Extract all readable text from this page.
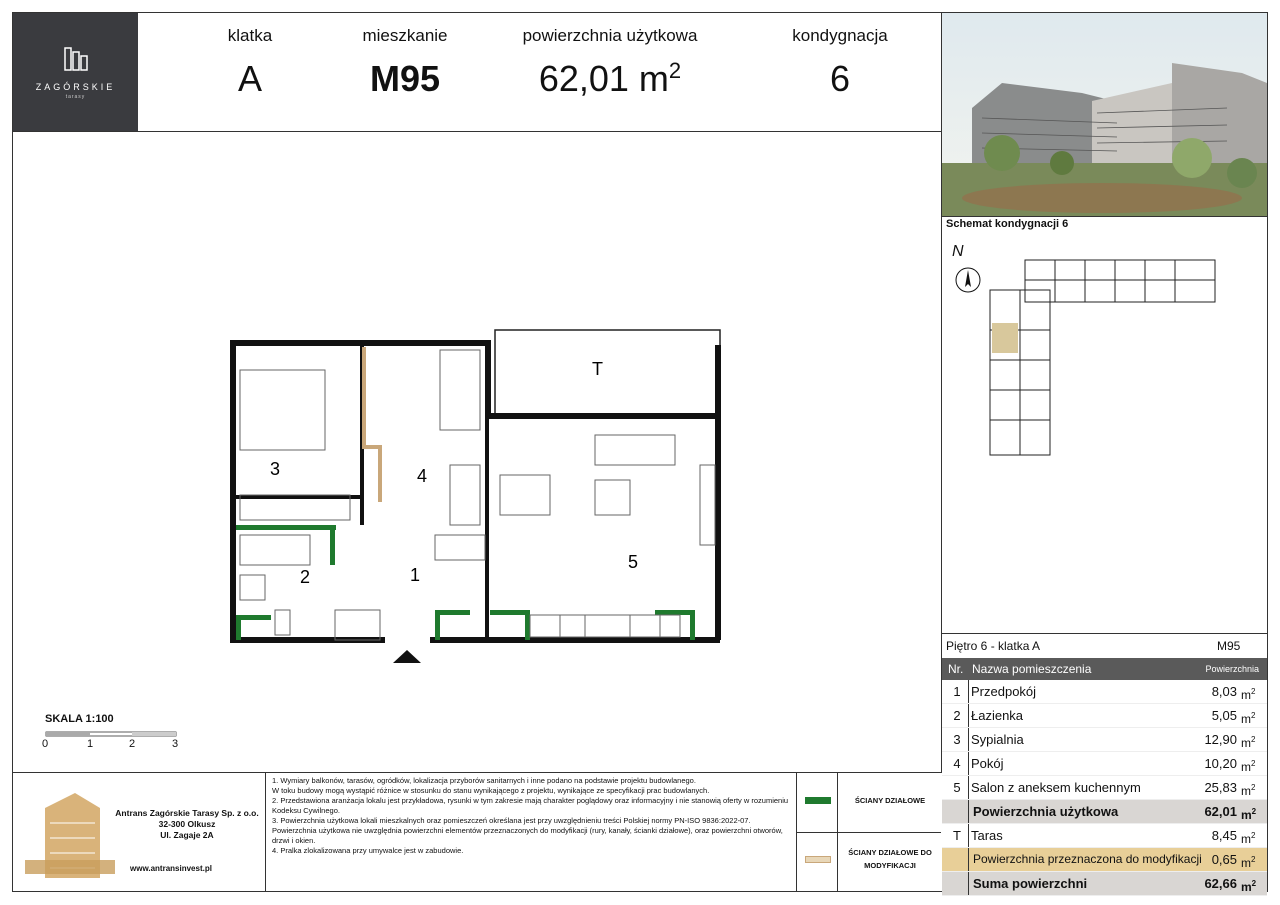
ZAGÓRSKIE
tarasy
klatka
A
mieszkanie
M95
powierzchnia użytkowa
62,01 $m^2$
kondygnacja
6
Schemat kondygnacji 6
N
3	4
2	1
5
T
SKALA 1:100
0	1	2	3
Antrans Zagórskie Tarasy Sp. z o.o.
32-300 Olkusz
Ul. Zagaje 2A
www.antransinvest.pl
1. Wymiary balkonów, tarasów, ogródków, lokalizacja przyborów sanitarnych i inne podano na podstawie projektu budowlanego.
W toku budowy mogą wystąpić różnice w stosunku do stanu wynikającego z projektu, wynikające ze specyfikacji prac budowlanych.
2. Przedstawiona aranżacja lokalu jest przykładowa, rysunki w tym zakresie mają charakter poglądowy oraz informacyjny i nie stanowią oferty w rozumieniu Kodeksu Cywilnego.
3. Powierzchnia użytkowa lokali mieszkalnych oraz pomieszczeń określana jest przy uwzględnieniu treści Polskiej normy PN-ISO 9836:2022-07. Powierzchnia użytkowa nie uwzględnia powierzchni elementów przeznaczonych do modyfikacji (rury, kanały, ścianki działowe), oraz powierzchni otworów, drzwi i okien.
4. Pralka zlokalizowana przy umywalce jest w zabudowie.
ŚCIANY DZIAŁOWE
ŚCIANY DZIAŁOWE DO MODYFIKACJI
Piętro 6 - klatka A	M95
Nr. Nazwa pomieszczenia	Powierzchnia
1 Przedpokój	8,03 $m^2$
2 Łazienka	5,05 $m^2$
3 Sypialnia	12,90 $m^2$
4 Pokój	10,20 $m^2$
5 Salon z aneksem kuchennym	25,83 $m^2$
Powierzchnia użytkowa	62,01 $m^2$
T Taras	8,45 $m^2$
Powierzchnia przeznaczona do modyfikacji 0,65 $m^2$
Suma powierzchni	62,66 $m^2$
